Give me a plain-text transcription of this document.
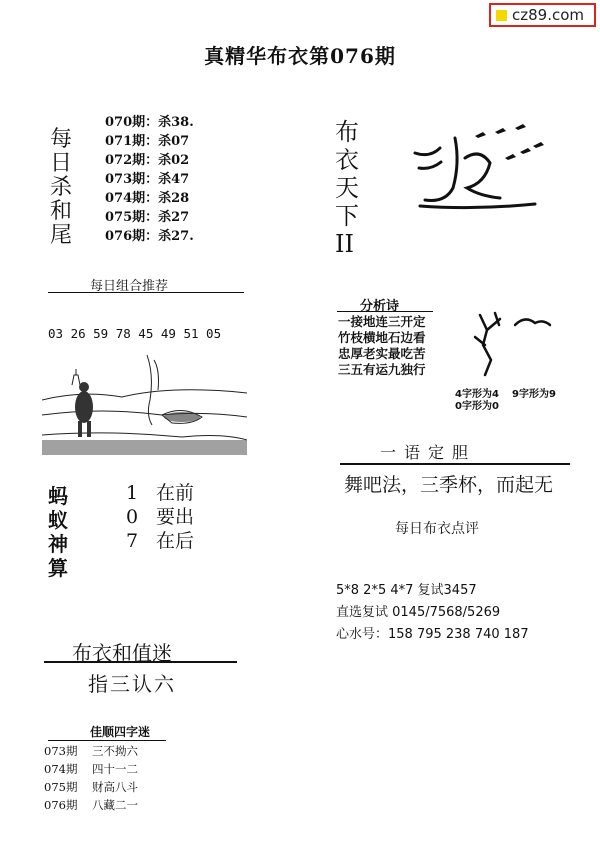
cz89.com
真精华布衣第076期
每
日
杀
和
尾
070期：杀38.
071期：杀07
072期：杀02
073期：杀47
074期：杀28
075期：杀27
076期：杀27.
布
衣
天
下
II
每日组合推荐

03 26 59 78 45 49 51 05

分析诗
一接地连三开定
竹枝横地石边看
忠厚老实最吃苦
三五有运九独行
4字形为4 9字形为9
0字形为0
一语定胆
舞吧法，三季杯，而起无
每日布衣点评
5*8 2*5 4*7 复试3457
直选复试 0145/7568/5269
心水号：158 795 238 740 187
蚂
蚁
神
算
1 在前
0 要出
7 在后
布衣和值迷
指三认六
佳顺四字迷
073期 三不拗六
074期 四十一二
075期 财高八斗
076期 八藏二一
